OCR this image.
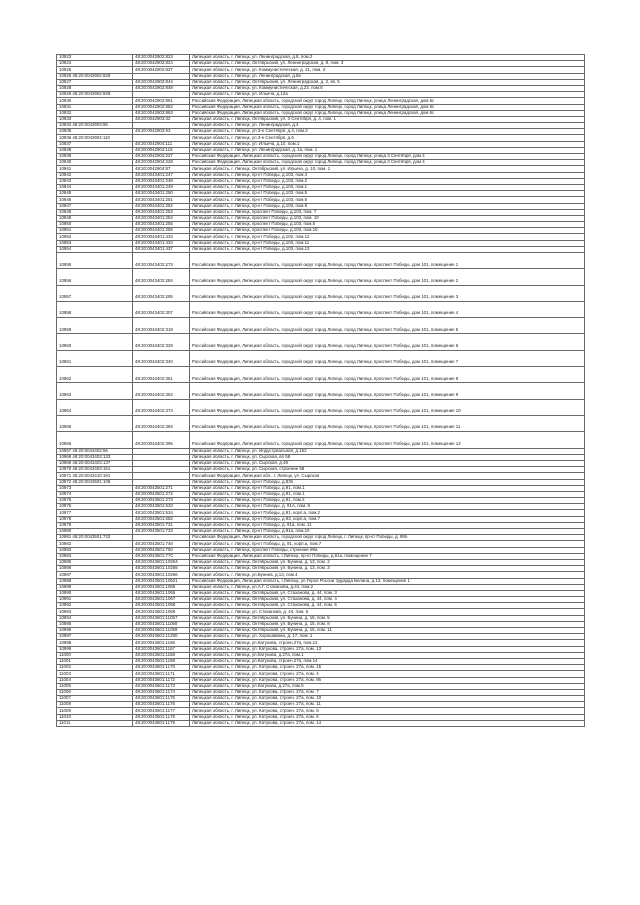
10923	48:20:0042902:823	Липецкая область, г. Липецк, ул. Ленинградская, д.8, пом.2
10924	48:20:0042902:824	Липецкая область, г. Липецк, Октябрьский, ул. Ленинградская, д. 8, пом. 3
10925	48:20:0042902:827	Липецкая область, г. Липецк, ул. Коммунистическая, д. 21, пом. 3
10926 48:20:0042902:828		Липецкая область, г. Липецк, ул. Ленинградская, д.8а
10927	48:20:0042902:844	Липецкая область, г. Липецк, Октябрьский, ул. Ленинградская, д. 2, кв. 5
10928	48:20:0042902:848	Липецкая область, г. Липецк, ул. Коммунистическая, д.23, пом.6
10929 48:20:0042902:849		Липецкая область, г. Липецк, ул. Ильича, д.12а
10930	48:20:0042902:861	Российская Федерация, Липецкая область, городской округ город Липецк, город Липецк, улица Ленинградская, дом 6с
10931	48:20:0042902:862	Российская Федерация, Липецкая область, городской округ город Липецк, город Липецк, улица Ленинградская, дом 6с
10932	48:20:0042902:863	Российская Федерация, Липецкая область, городской округ город Липецк, город Липецк, улица Ленинградская, дом 6с
10933	48:20:0042903:32	Липецкая область, г. Липецк, Октябрьский, ул. 3 Сентября, д. 4, пом. 1
10934 48:20:0042903:86		Липецкая область, г. Липецк, ул. Ленинградская, д.4
10935	48:20:0042903:93	Липецкая область, г. Липецк, ул.3-е Сентября, д.4, пом.2
10936 48:20:0042904:110		Липецкая область, г. Липецк, ул.3-е Сентября, д.6
10937	48:20:0042904:111	Липецкая область, г. Липецк, ул. Ильича, д.10, пом.1
10938	48:20:0042904:116	Липецкая область, г. Липецк, ул. Ленинградская, д. 1а, пом. 1
10939	48:20:0042904:227	Российская Федерация, Липецкая область, городской округ город Липецк, город Липецк, улица 3 Сентября, дом 4
10940	48:20:0042904:228	Российская Федерация, Липецкая область, городской округ город Липецк, город Липецк, улица 3 Сентября, дом 4
10941	48:20:0042904:87	Липецкая область, г. Липецк, Октябрьский, ул. Ильича, д. 10, пом. 1
10942	48:20:0043401:247	Липецкая область, г. Липецк, пр-кт Победы, д.103, пом.4
10943	48:20:0043401:248	Липецкая область, г. Липецк, пр-кт Победы, д.103, пом.2
10944	48:20:0043401:249	Липецкая область, г. Липецк, пр-кт Победы, д.103, пом.1
10945	48:20:0043401:250	Липецкая область, г. Липецк, пр-кт Победы, д.103, пом.5
10946	48:20:0043401:251	Липецкая область, г. Липецк, пр-кт Победы, д.103, пом.6
10947	48:20:0043401:252	Липецкая область, г. Липецк, пр-кт Победы, д.103, пом.8
10948	48:20:0043401:253	Липецкая область, г. Липецк, проспект Победы, д.103, пом. 7
10949	48:20:0043401:254	Липецкая область, г. Липецк, проспект Победы, д.103, пом. 10
10950	48:20:0043401:255	Липецкая область, г. Липецк, проспект Победы, д.103, пом.6
10951	48:20:0043401:256	Липецкая область, г. Липецк, проспект Победы, д.103, пом.10
10952	48:20:0043401:433	Липецкая область, г. Липецк, пр-кт Победы, д.102, пом.12
10953	48:20:0043401:434	Липецкая область, г. Липецк, пр-кт Победы, д.103, пом.11
10954	48:20:0043401:437	Липецкая область, г. Липецк, пр-кт Победы, д.103, пом.13
10955	48:20:0043402:273	Российская Федерация, Липецкая область, городской округ город Липецк, город Липецк, проспект Победы, дом 101, помещение 1
10956	48:20:0043402:284	Российская Федерация, Липецкая область, городской округ город Липецк, город Липецк, проспект Победы, дом 101, помещение 2
10957	48:20:0043402:295	Российская Федерация, Липецкая область, городской округ город Липецк, город Липецк, проспект Победы, дом 101, помещение 3
10958	48:20:0043402:307	Российская Федерация, Липецкая область, городской округ город Липецк, город Липецк, проспект Победы, дом 101, помещение 4
10959	48:20:0043402:318	Российская Федерация, Липецкая область, городской округ город Липецк, город Липецк, проспект Победы, дом 101, помещение 5
10960	48:20:0043402:329	Российская Федерация, Липецкая область, городской округ город Липецк, город Липецк, проспект Победы, дом 101, помещение 6
10961	48:20:0043402:340	Российская Федерация, Липецкая область, городской округ город Липецк, город Липецк, проспект Победы, дом 101, помещение 7
10962	48:20:0043402:351	Российская Федерация, Липецкая область, городской округ город Липецк, город Липецк, проспект Победы, дом 101, помещение 8
10963	48:20:0043402:362	Российская Федерация, Липецкая область, городской округ город Липецк, город Липецк, проспект Победы, дом 101, помещение 9
10964	48:20:0043402:373	Российская Федерация, Липецкая область, городской округ город Липецк, город Липецк, проспект Победы, дом 101, помещение 10
10965	48:20:0043402:384	Российская Федерация, Липецкая область, городской округ город Липецк, город Липецк, проспект Победы, дом 101, помещение 11
10966	48:20:0043402:395	Российская Федерация, Липецкая область, городской округ город Липецк, город Липецк, проспект Победы, дом 101, помещение 12
10967 48:20:0043402:56		Липецкая область, г. Липецк, ул. Индустриальная, д.162
10968 48:20:0043403:133		Липецкая область, г. Липецк, ул. Сырская, вл 58
10969 48:20:0043403:137		Липецкая область, г. Липецк, ул. Сырская, д.49
10970 48:20:0043403:151		Липецкая область, г. Липецк, ул. Сырская, строение 58
10971 48:20:0043410:191		Российская Федерация, Липецкая обл., г. Липецк, ул. Сырская
10972 48:20:0043501:108		Липецкая область, г. Липецк, пр-кт Победы, д.83б
10973	48:20:0043501:271	Липецкая область, г. Липецк, пр-кт Победы, д.91, пом.1
10974	48:20:0043501:272	Липецкая область, г. Липецк, пр-кт Победы, д.91, пом.1
10975	48:20:0043501:273	Липецкая область, г. Липецк, пр-кт Победы, д.91, пом.2
10976	48:20:0043501:533	Липецкая область, г. Липецк, пр-кт Победы, д. 91А, пом. 8
10977	48:20:0043501:534	Липецкая область, г. Липецк, пр-кт Победы, д.91, корп.а, пом.2
10978	48:20:0043501:682	Липецкая область, г. Липецк, пр-кт Победы, д.93, корп.а, пом.7
10979	48:20:0043501:731	Липецкая область, г. Липецк, пр-кт Победы, д. 91а, пом. 11
10980	48:20:0043501:733	Липецкая область, г. Липецк, пр-кт Победы, д.91а, пом.10
10981 48:20:0043501:733		Российская Федерация, Липецкая область, городской округ город Липецк, г. Липецк, пр-кт Победы, д. 89б
10982	48:20:0043501:748	Липецкая область, г. Липецк, пр-кт Победы, д. 91, корп.а, пом.7
10983	48:20:0043501:750	Липецкая область, г. Липецк, проспект Победы, строение 89а
10984	48:20:0043501:77С	Российская Федерация, Липецкая область, г.Липецк, пр-кт Победы, д.91а, помещение 7
10985	48:20:0043601:10264	Липецкая область, г. Липецк, Октябрьский, ул. Бунина, д. 13, пом. 2
10986	48:20:0043601:10265	Липецкая область, г. Липецк, Октябрьский, ул. Бунина, д. 13, пом. 3
10987	48:20:0043601:10266	Липецкая область, г. Липецк, ул.Бунина, д.13, пом.4
10988	48:20:0043601:10621	Российская Федерация, Липецкая область, г.Липецк, ул.Героя России Эдуарда Белана, д.13, помещение 1
10989	48:20:0043601:1065	Липецкая область, г. Липецк, ул.А.Г. Стаханова, д.44, пом.2
10990	48:20:0043601:1066	Липецкая область, г. Липецк, Октябрьский, ул. Стаханова, д. 44, пом. 3
10991	48:20:0043601:1067	Липецкая область, г. Липецк, Октябрьский, ул. Стаханова, д. 44, пом. 4
10992	48:20:0043601:1068	Липецкая область, г. Липецк, Октябрьский, ул. Стаханова, д. 44, пом. 5
10993	48:20:0043601:1069	Липецкая область, г. Липецк, ул. Стаханова, д. 44, пом. 6
10994	48:20:0043601:11057	Липецкая область, г. Липецк, Октябрьский, ул. Бунина, д. 15, пом. 5
10995	48:20:0043601:11058	Липецкая область, г. Липецк, Октябрьский, ул. Бунина, д. 15, пом. 8
10996	48:20:0043601:11059	Липецкая область, г. Липецк, Октябрьский, ул. Бунина, д. 15, пом. 11
10997	48:20:0043601:11290	Липецкая область, г. Липецк, ул. Хорошавина, д. 17, пом. 1
10998	48:20:0043601:1166	Липецкая область, г. Липецк, ул.Катукова, строен.27а, пом.12
10999	48:20:0043601:1167	Липецкая область, г. Липецк, ул. Катукова, строен. 27а, пом. 13
11000	48:20:0043601:1168	Липецкая область, г. Липецк, ул.Катукова, д.27а, пом.1
11001	48:20:0043601:1169	Липецкая область, г. Липецк, ул.Катукова, строен.27а, пом.14
11002	48:20:0043601:1170	Липецкая область, г. Липецк, ул. Катукова, строен. 27а, пом. 15
11003	48:20:0043601:1171	Липецкая область, г. Липецк, ул. Катукова, строен. 27а, пом. 4
11004	48:20:0043601:1172	Липецкая область, г. Липецк, ул. Катукова, строен. 27а, пом. 9б
11005	48:20:0043601:1173	Липецкая область, г. Липецк, ул.Катукова, д.27а, пом.5
11006	48:20:0043601:1174	Липецкая область, г. Липецк, ул. Катукова, строен. 27а, пом. 7
11007	48:20:0043601:1175	Липецкая область, г. Липецк, ул. Катукова, строен. 27а, пом. 10
11008	48:20:0043601:1176	Липецкая область, г. Липецк, ул. Катукова, строен. 27а, пом. 11
11009	48:20:0043601:1177	Липецкая область, г. Липецк, ул. Катукова, строен. 27а, пом. 8
11010	48:20:0043601:1178	Липецкая область, г. Липецк, ул. Катукова, строен. 27а, пом. 6
11011	48:20:0043601:1179	Липецкая область, г. Липецк, ул. Катукова, строен. 27а, пом. 14
